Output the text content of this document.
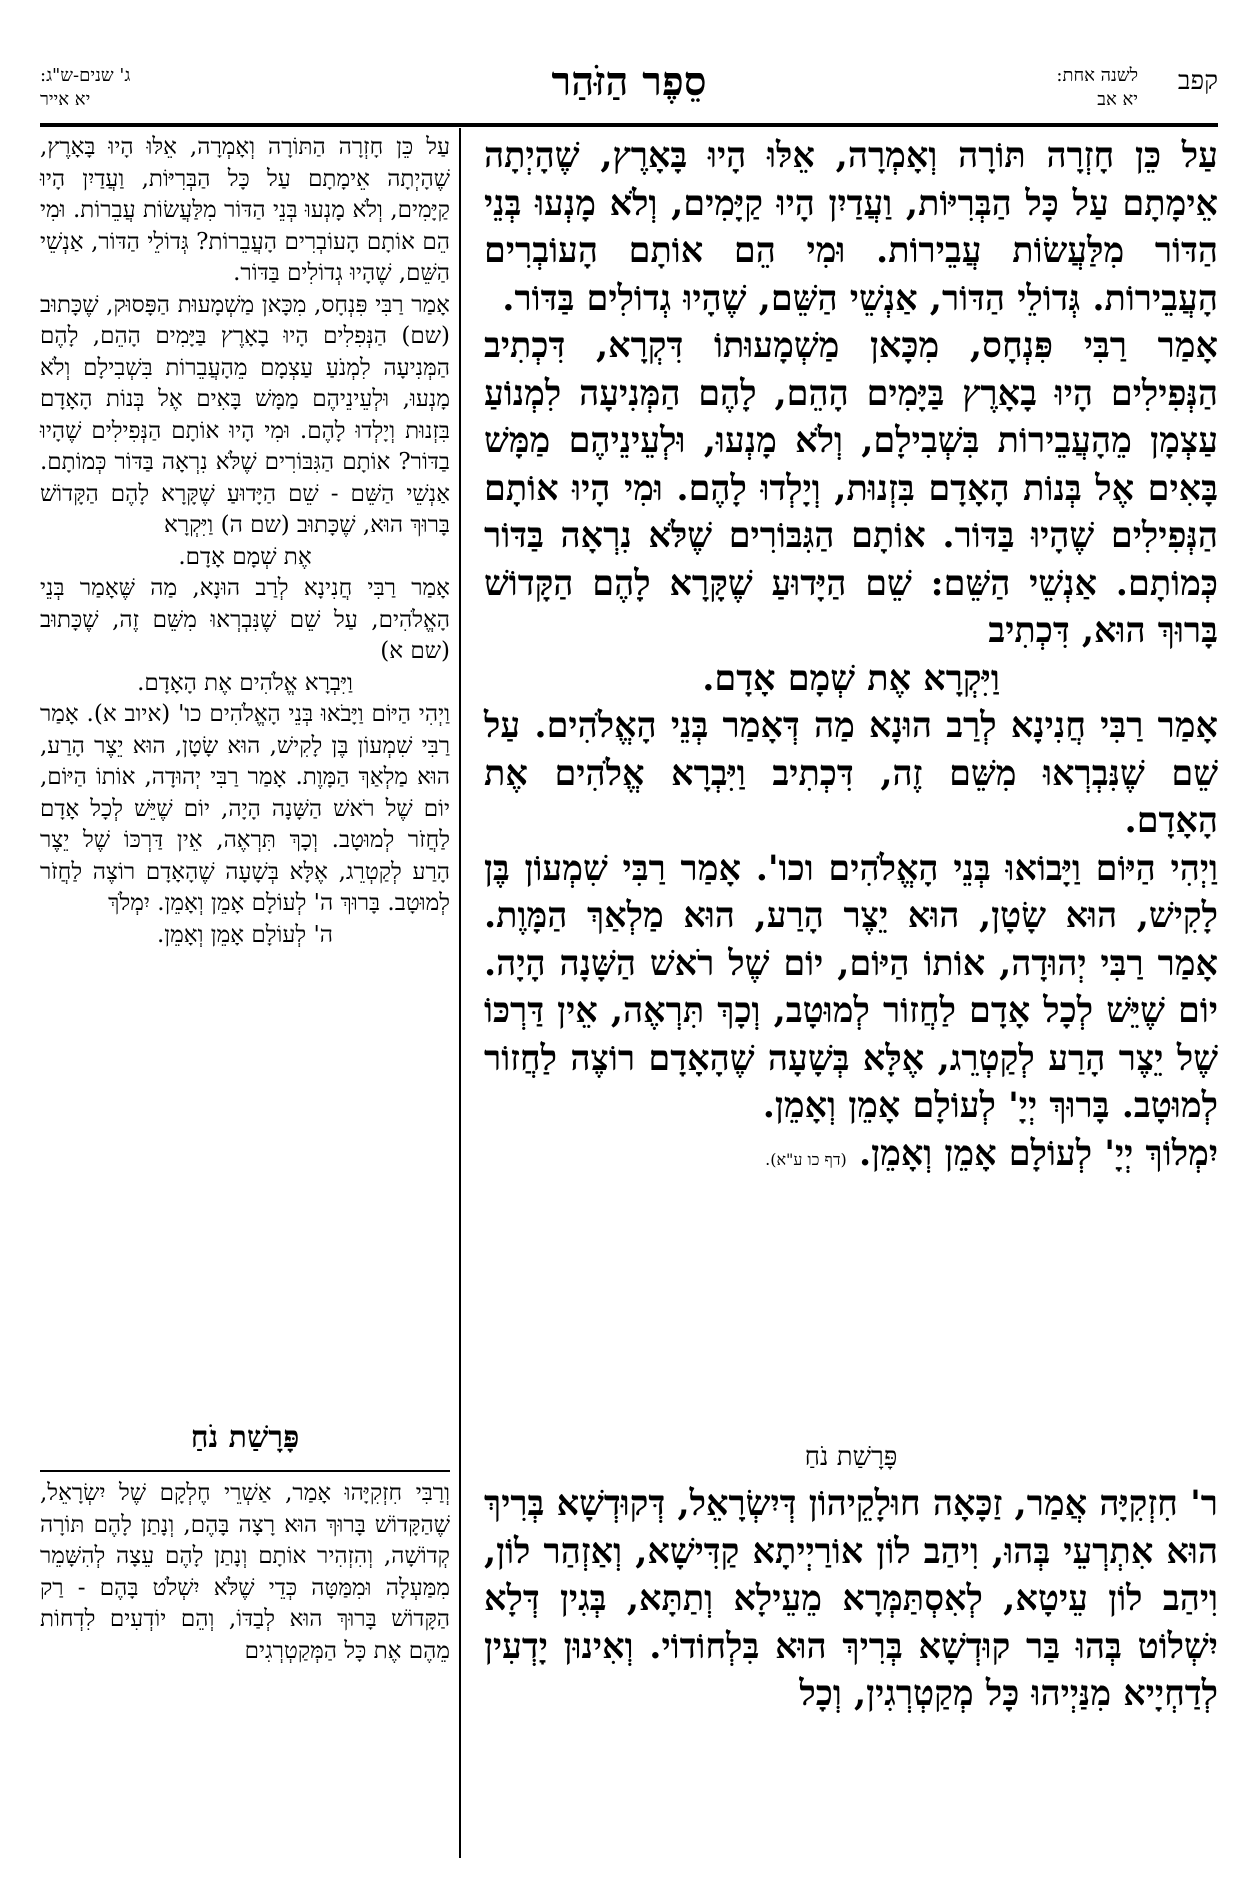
קפב
לשנה אחת:
יא אב
סֵפֶר הַזֹּהַר
ג' שנים-ש"ג:
יא אייר

עַל כֵּן חָזְרָה תּוֹרָה וְאָמְרָה, אֵלּוּ הָיוּ בָּאָרֶץ, שֶׁהָיְתָה אֵימָתָם עַל כָּל הַבְּרִיּוֹת, וַעֲדַיִן הָיוּ קַיָּמִים, וְלֹא מָנְעוּ בְּנֵי הַדּוֹר מִלַּעֲשׂוֹת עֲבֵירוֹת. וּמִי הֵם אוֹתָם הָעוֹבְרִים הָעֲבֵירוֹת. גְּדוֹלֵי הַדּוֹר, אַנְשֵׁי הַשֵּׁם, שֶׁהָיוּ גְדוֹלִים בַּדּוֹר.

אָמַר רַבִּי פִּנְחָס, מִכָּאן מַשְׁמָעוּתוֹ דִּקְרָא, דִּכְתִיב הַנְּפִילִים הָיוּ בָאָרֶץ בַּיָּמִים הָהֵם, לָהֶם הַמְּנִיעָה לִמְנוֹעַ עַצְמָן מֵהָעֲבֵירוֹת בִּשְׁבִילָם, וְלֹא מָנְעוּ, וּלְעֵינֵיהֶם מַמָּשׁ בָּאִים אֶל בְּנוֹת הָאָדָם בִּזְנוּת, וְיָלְדוּ לָהֶם. וּמִי הָיוּ אוֹתָם הַנְּפִילִים שֶׁהָיוּ בַּדּוֹר. אוֹתָם הַגִּבּוֹרִים שֶׁלֹּא נִרְאָה בַּדּוֹר כְּמוֹתָם. אַנְשֵׁי הַשֵּׁם: שֵׁם הַיָּדוּעַ שֶׁקָּרָא לָהֶם הַקָּדוֹשׁ בָּרוּךְ הוּא, דִּכְתִיב

וַיִּקְרָא אֶת שְׁמָם אָדָם.

אָמַר רַבִּי חֲנִינָא לְרַב הוּנָא מַה דְּאָמַר בְּנֵי הָאֱלֹהִים. עַל שֵׁם שֶׁנִּבְרְאוּ מִשֵּׁם זֶה, דִּכְתִיב וַיִּבְרָא אֱלֹהִים אֶת הָאָדָם.

וַיְהִי הַיּוֹם וַיָּבוֹאוּ בְּנֵי הָאֱלֹהִים וכו'. אָמַר רַבִּי שִׁמְעוֹן בֶּן לָקִישׁ, הוּא שָׂטָן, הוּא יֵצֶר הָרַע, הוּא מַלְאַךְ הַמָּוֶת. אָמַר רַבִּי יְהוּדָה, אוֹתוֹ הַיּוֹם, יוֹם שֶׁל רֹאשׁ הַשָּׁנָה הָיָה. יוֹם שֶׁיֵּשׁ לְכָל אָדָם לַחֲזוֹר לְמוּטָב, וְכָךְ תִּרְאֶה, אֵין דַּרְכּוֹ שֶׁל יֵצֶר הָרַע לְקַטְרֵג, אֶלָּא בְּשָׁעָה שֶׁהָאָדָם רוֹצֶה לַחֲזוֹר לְמוּטָב. בָּרוּךְ יְיָ' לְעוֹלָם אָמֵן וְאָמֵן.

יִמְלוֹךְ יְיָ' לְעוֹלָם אָמֵן וְאָמֵן. (דף כו ע"א).

פָּרָשַׁת נֹחַ

ר' חִזְקִיָּה אֲמַר, זַכָּאָה חוּלָקֵיהוֹן דְּיִשְׂרָאֵל, דְּקוּדְשָׁא בְּרִיךְ הוּא אִתְרְעֵי בְּהוּ, וִיהַב לוֹן אוֹרַיְיתָא קַדִּישָׁא, וְאַזְהַר לוֹן, וִיהַב לוֹן עֵיטָא, לְאִסְתַּמְּרָא מֵעֵילָא וְתַתָּא, בְּגִין דְּלָא יִשְׁלוֹט בְּהוּ בַּר קוּדְשָׁא בְּרִיךְ הוּא בִּלְחוֹדוֹי. וְאִינוּן יָדְעִין לְדַחְיָיא מִנַּיְיהוּ כָּל מְקַטְרְגִין, וְכָל

עַל כֵּן חָזְרָה הַתּוֹרָה וְאָמְרָה, אֵלּוּ הָיוּ בָּאָרֶץ, שֶׁהָיְתָה אֵימָתָם עַל כָּל הַבְּרִיּוֹת, וַעֲדַיִן הָיוּ קַיָּמִים, וְלֹא מָנְעוּ בְּנֵי הַדּוֹר מִלַּעֲשׂוֹת עֲבֵרוֹת. וּמִי הֵם אוֹתָם הָעוֹבְרִים הָעֲבֵרוֹת? גְּדוֹלֵי הַדּוֹר, אַנְשֵׁי הַשֵּׁם, שֶׁהָיוּ גְדוֹלִים בַּדּוֹר.

אָמַר רַבִּי פִּנְחָס, מִכָּאן מַשְׁמָעוּת הַפָּסוּק, שֶׁכָּתוּב (שם) הַנְּפִלִים הָיוּ בָאָרֶץ בַּיָּמִים הָהֵם, לָהֶם הַמְּנִיעָה לִמְנֹעַ עַצְמָם מֵהָעֲבֵרוֹת בִּשְׁבִילָם וְלֹא מָנְעוּ, וּלְעֵינֵיהֶם מַמָּשׁ בָּאִים אֶל בְּנוֹת הָאָדָם בִּזְנוּת וְיָלְדוּ לָהֶם. וּמִי הָיוּ אוֹתָם הַנְּפִילִים שֶׁהָיוּ בַדּוֹר? אוֹתָם הַגִּבּוֹרִים שֶׁלֹּא נִרְאָה בַּדּוֹר כְּמוֹתָם. אַנְשֵׁי הַשֵּׁם - שֵׁם הַיָּדוּעַ שֶׁקָּרָא לָהֶם הַקָּדוֹשׁ בָּרוּךְ הוּא, שֶׁכָּתוּב (שם ה) וַיִּקְרָא

אֶת שְׁמָם אָדָם.

אָמַר רַבִּי חֲנִינָא לְרַב הוּנָא, מַה שֶּׁאָמַר בְּנֵי הָאֱלֹהִים, עַל שֵׁם שֶׁנִּבְרְאוּ מִשֵּׁם זֶה, שֶׁכָּתוּב (שם א)

וַיִּבְרָא אֱלֹהִים אֶת הָאָדָם.

וַיְהִי הַיּוֹם וַיָּבֹאוּ בְּנֵי הָאֱלֹהִים כו' (איוב א). אָמַר רַבִּי שִׁמְעוֹן בֶּן לָקִישׁ, הוּא שָׂטָן, הוּא יֵצֶר הָרַע, הוּא מַלְאַךְ הַמָּוֶת. אָמַר רַבִּי יְהוּדָה, אוֹתוֹ הַיּוֹם, יוֹם שֶׁל רֹאשׁ הַשָּׁנָה הָיָה, יוֹם שֶׁיֵּשׁ לְכָל אָדָם לַחֲזֹר לְמוּטָב. וְכָךְ תִּרְאֶה, אֵין דַּרְכּוֹ שֶׁל יֵצֶר הָרַע לְקַטְרֵג, אֶלָּא בְּשָׁעָה שֶׁהָאָדָם רוֹצֶה לַחֲזֹר לְמוּטָב. בָּרוּךְ ה' לְעוֹלָם אָמֵן וְאָמֵן. יִמְלֹךְ

ה' לְעוֹלָם אָמֵן וְאָמֵן.

פָּרָשַׁת נֹחַ

וְרַבִּי חִזְקִיָּהוּ אָמַר, אַשְׁרֵי חֶלְקָם שֶׁל יִשְׂרָאֵל, שֶׁהַקָּדוֹשׁ בָּרוּךְ הוּא רָצָה בָּהֶם, וְנָתַן לָהֶם תּוֹרָה קְדוֹשָׁה, וְהִזְהִיר אוֹתָם וְנָתַן לָהֶם עֵצָה לְהִשָּׁמֵר מִמַּעְלָה וּמִמַּטָּה כְּדֵי שֶׁלֹּא יִשְׁלֹט בָּהֶם - רַק הַקָּדוֹשׁ בָּרוּךְ הוּא לְבַדּוֹ, וְהֵם יוֹדְעִים לִדְחוֹת מֵהֶם אֶת כָּל הַמְּקַטְרְגִים
